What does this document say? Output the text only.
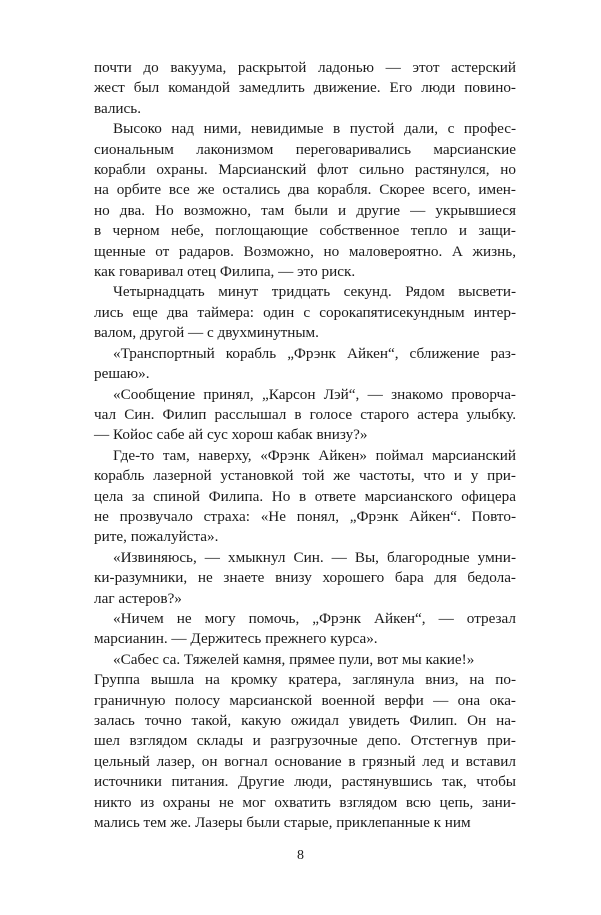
почти до вакуума, раскрытой ладонью — этот астерский
жест был командой замедлить движение. Его люди повино-
вались.

Высоко над ними, невидимые в пустой дали, с профес-
сиональным лаконизмом переговаривались марсианские
корабли охраны. Марсианский флот сильно растянулся, но
на орбите все же остались два корабля. Скорее всего, имен-
но два. Но возможно, там были и другие — укрывшиеся
в черном небе, поглощающие собственное тепло и защи-
щенные от радаров. Возможно, но маловероятно. А жизнь,
как говаривал отец Филипа, — это риск.

Четырнадцать минут тридцать секунд. Рядом высвети-
лись еще два таймера: один с сорокапятисекундным интер-
валом, другой — с двухминутным.

«Транспортный корабль „Фрэнк Айкен“, сближение раз-
решаю».

«Сообщение принял, „Карсон Лэй“, — знакомо проворча-
чал Син. Филип расслышал в голосе старого астера улыбку.
— Койос сабе ай сус хорош кабак внизу?»

Где-то там, наверху, «Фрэнк Айкен» поймал марсианский
корабль лазерной установкой той же частоты, что и у при-
цела за спиной Филипа. Но в ответе марсианского офицера
не прозвучало страха: «Не понял, „Фрэнк Айкен“. Повто-
рите, пожалуйста».

«Извиняюсь, — хмыкнул Син. — Вы, благородные умни-
ки-разумники, не знаете внизу хорошего бара для бедола-
лаг астеров?»

«Ничем не могу помочь, „Фрэнк Айкен“, — отрезал
марсианин. — Держитесь прежнего курса».

«Сабес са. Тяжелей камня, прямее пули, вот мы какие!»

Группа вышла на кромку кратера, заглянула вниз, на по-
граничную полосу марсианской военной верфи — она ока-
залась точно такой, какую ожидал увидеть Филип. Он на-
шел взглядом склады и разгрузочные депо. Отстегнув при-
цельный лазер, он вогнал основание в грязный лед и вставил
источники питания. Другие люди, растянувшись так, чтобы
никто из охраны не мог охватить взглядом всю цепь, зани-
мались тем же. Лазеры были старые, приклепанные к ним

8
